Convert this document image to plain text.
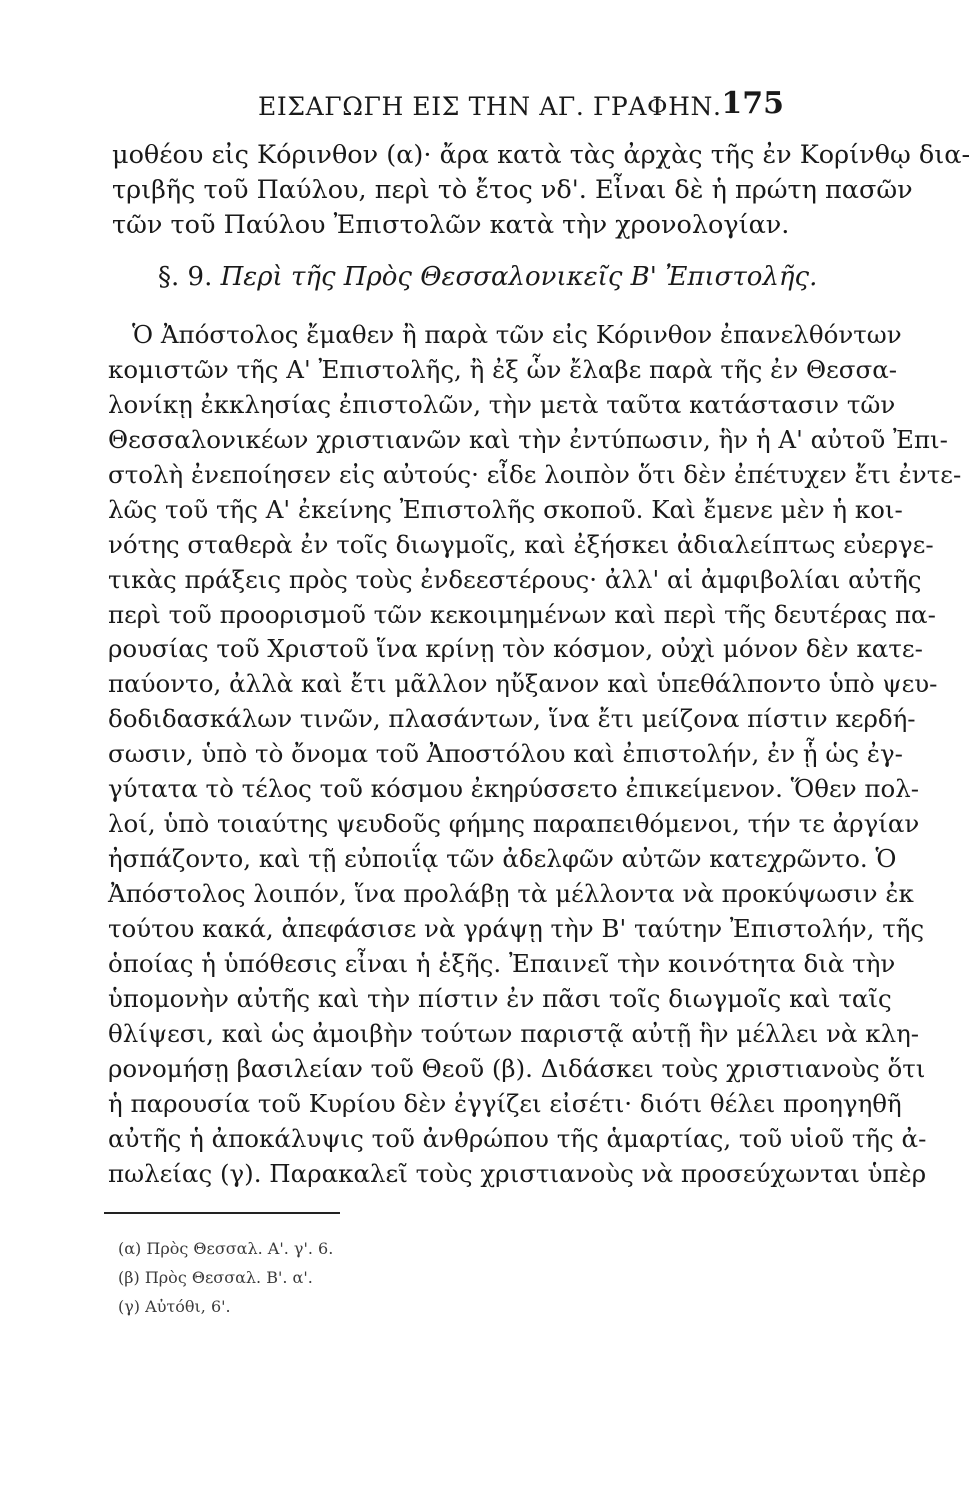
ΕΙΣΑΓΩΓΗ ΕΙΣ ΤΗΝ ΑΓ. ΓΡΑΦΗΝ. 175
μοθέου εἰς Κόρινθον (α)· ἄρα κατὰ τὰς ἀρχὰς τῆς ἐν Κορίνθῳ δια-
τριβῆς τοῦ Παύλου, περὶ τὸ ἔτος νδ'. Εἶναι δὲ ἡ πρώτη πασῶν
τῶν τοῦ Παύλου Ἐπιστολῶν κατὰ τὴν χρονολογίαν.
§. 9. Περὶ τῆς Πρὸς Θεσσαλονικεῖς Β' Ἐπιστολῆς.
Ὁ Ἀπόστολος ἔμαθεν ἢ παρὰ τῶν εἰς Κόρινθον ἐπανελθόντων
κομιστῶν τῆς Α' Ἐπιστολῆς, ἢ ἐξ ὧν ἔλαβε παρὰ τῆς ἐν Θεσσα-
λονίκῃ ἐκκλησίας ἐπιστολῶν, τὴν μετὰ ταῦτα κατάστασιν τῶν
Θεσσαλονικέων χριστιανῶν καὶ τὴν ἐντύπωσιν, ἣν ἡ Α' αὐτοῦ Ἐπι-
στολὴ ἐνεποίησεν εἰς αὐτούς· εἶδε λοιπὸν ὅτι δὲν ἐπέτυχεν ἔτι ἐντε-
λῶς τοῦ τῆς Α' ἐκείνης Ἐπιστολῆς σκοποῦ. Καὶ ἔμενε μὲν ἡ κοι-
νότης σταθερὰ ἐν τοῖς διωγμοῖς, καὶ ἐξήσκει ἀδιαλείπτως εὐεργε-
τικὰς πράξεις πρὸς τοὺς ἐνδεεστέρους· ἀλλ' αἱ ἀμφιβολίαι αὐτῆς
περὶ τοῦ προορισμοῦ τῶν κεκοιμημένων καὶ περὶ τῆς δευτέρας πα-
ρουσίας τοῦ Χριστοῦ ἵνα κρίνῃ τὸν κόσμον, οὐχὶ μόνον δὲν κατε-
παύοντο, ἀλλὰ καὶ ἔτι μᾶλλον ηὔξανον καὶ ὑπεθάλποντο ὑπὸ ψευ-
δοδιδασκάλων τινῶν, πλασάντων, ἵνα ἔτι μείζονα πίστιν κερδή-
σωσιν, ὑπὸ τὸ ὄνομα τοῦ Ἀποστόλου καὶ ἐπιστολήν, ἐν ᾗ ὡς ἐγ-
γύτατα τὸ τέλος τοῦ κόσμου ἐκηρύσσετο ἐπικείμενον. Ὅθεν πολ-
λοί, ὑπὸ τοιαύτης ψευδοῦς φήμης παραπειθόμενοι, τήν τε ἀργίαν
ἠσπάζοντο, καὶ τῇ εὐποιΐᾳ τῶν ἀδελφῶν αὐτῶν κατεχρῶντο. Ὁ
Ἀπόστολος λοιπόν, ἵνα προλάβῃ τὰ μέλλοντα νὰ προκύψωσιν ἐκ
τούτου κακά, ἀπεφάσισε νὰ γράψῃ τὴν Β' ταύτην Ἐπιστολήν, τῆς
ὁποίας ἡ ὑπόθεσις εἶναι ἡ ἑξῆς. Ἐπαινεῖ τὴν κοινότητα διὰ τὴν
ὑπομονὴν αὐτῆς καὶ τὴν πίστιν ἐν πᾶσι τοῖς διωγμοῖς καὶ ταῖς
θλίψεσι, καὶ ὡς ἀμοιβὴν τούτων παριστᾷ αὐτῇ ἣν μέλλει νὰ κλη-
ρονομήσῃ βασιλείαν τοῦ Θεοῦ (β). Διδάσκει τοὺς χριστιανοὺς ὅτι
ἡ παρουσία τοῦ Κυρίου δὲν ἐγγίζει εἰσέτι· διότι θέλει προηγηθῆ
αὐτῆς ἡ ἀποκάλυψις τοῦ ἀνθρώπου τῆς ἁμαρτίας, τοῦ υἱοῦ τῆς ἀ-
πωλείας (γ). Παρακαλεῖ τοὺς χριστιανοὺς νὰ προσεύχωνται ὑπὲρ
(α) Πρὸς Θεσσαλ. Α'. γ'. 6.
(β) Πρὸς Θεσσαλ. Β'. α'.
(γ) Αὐτόθι, 6'.
